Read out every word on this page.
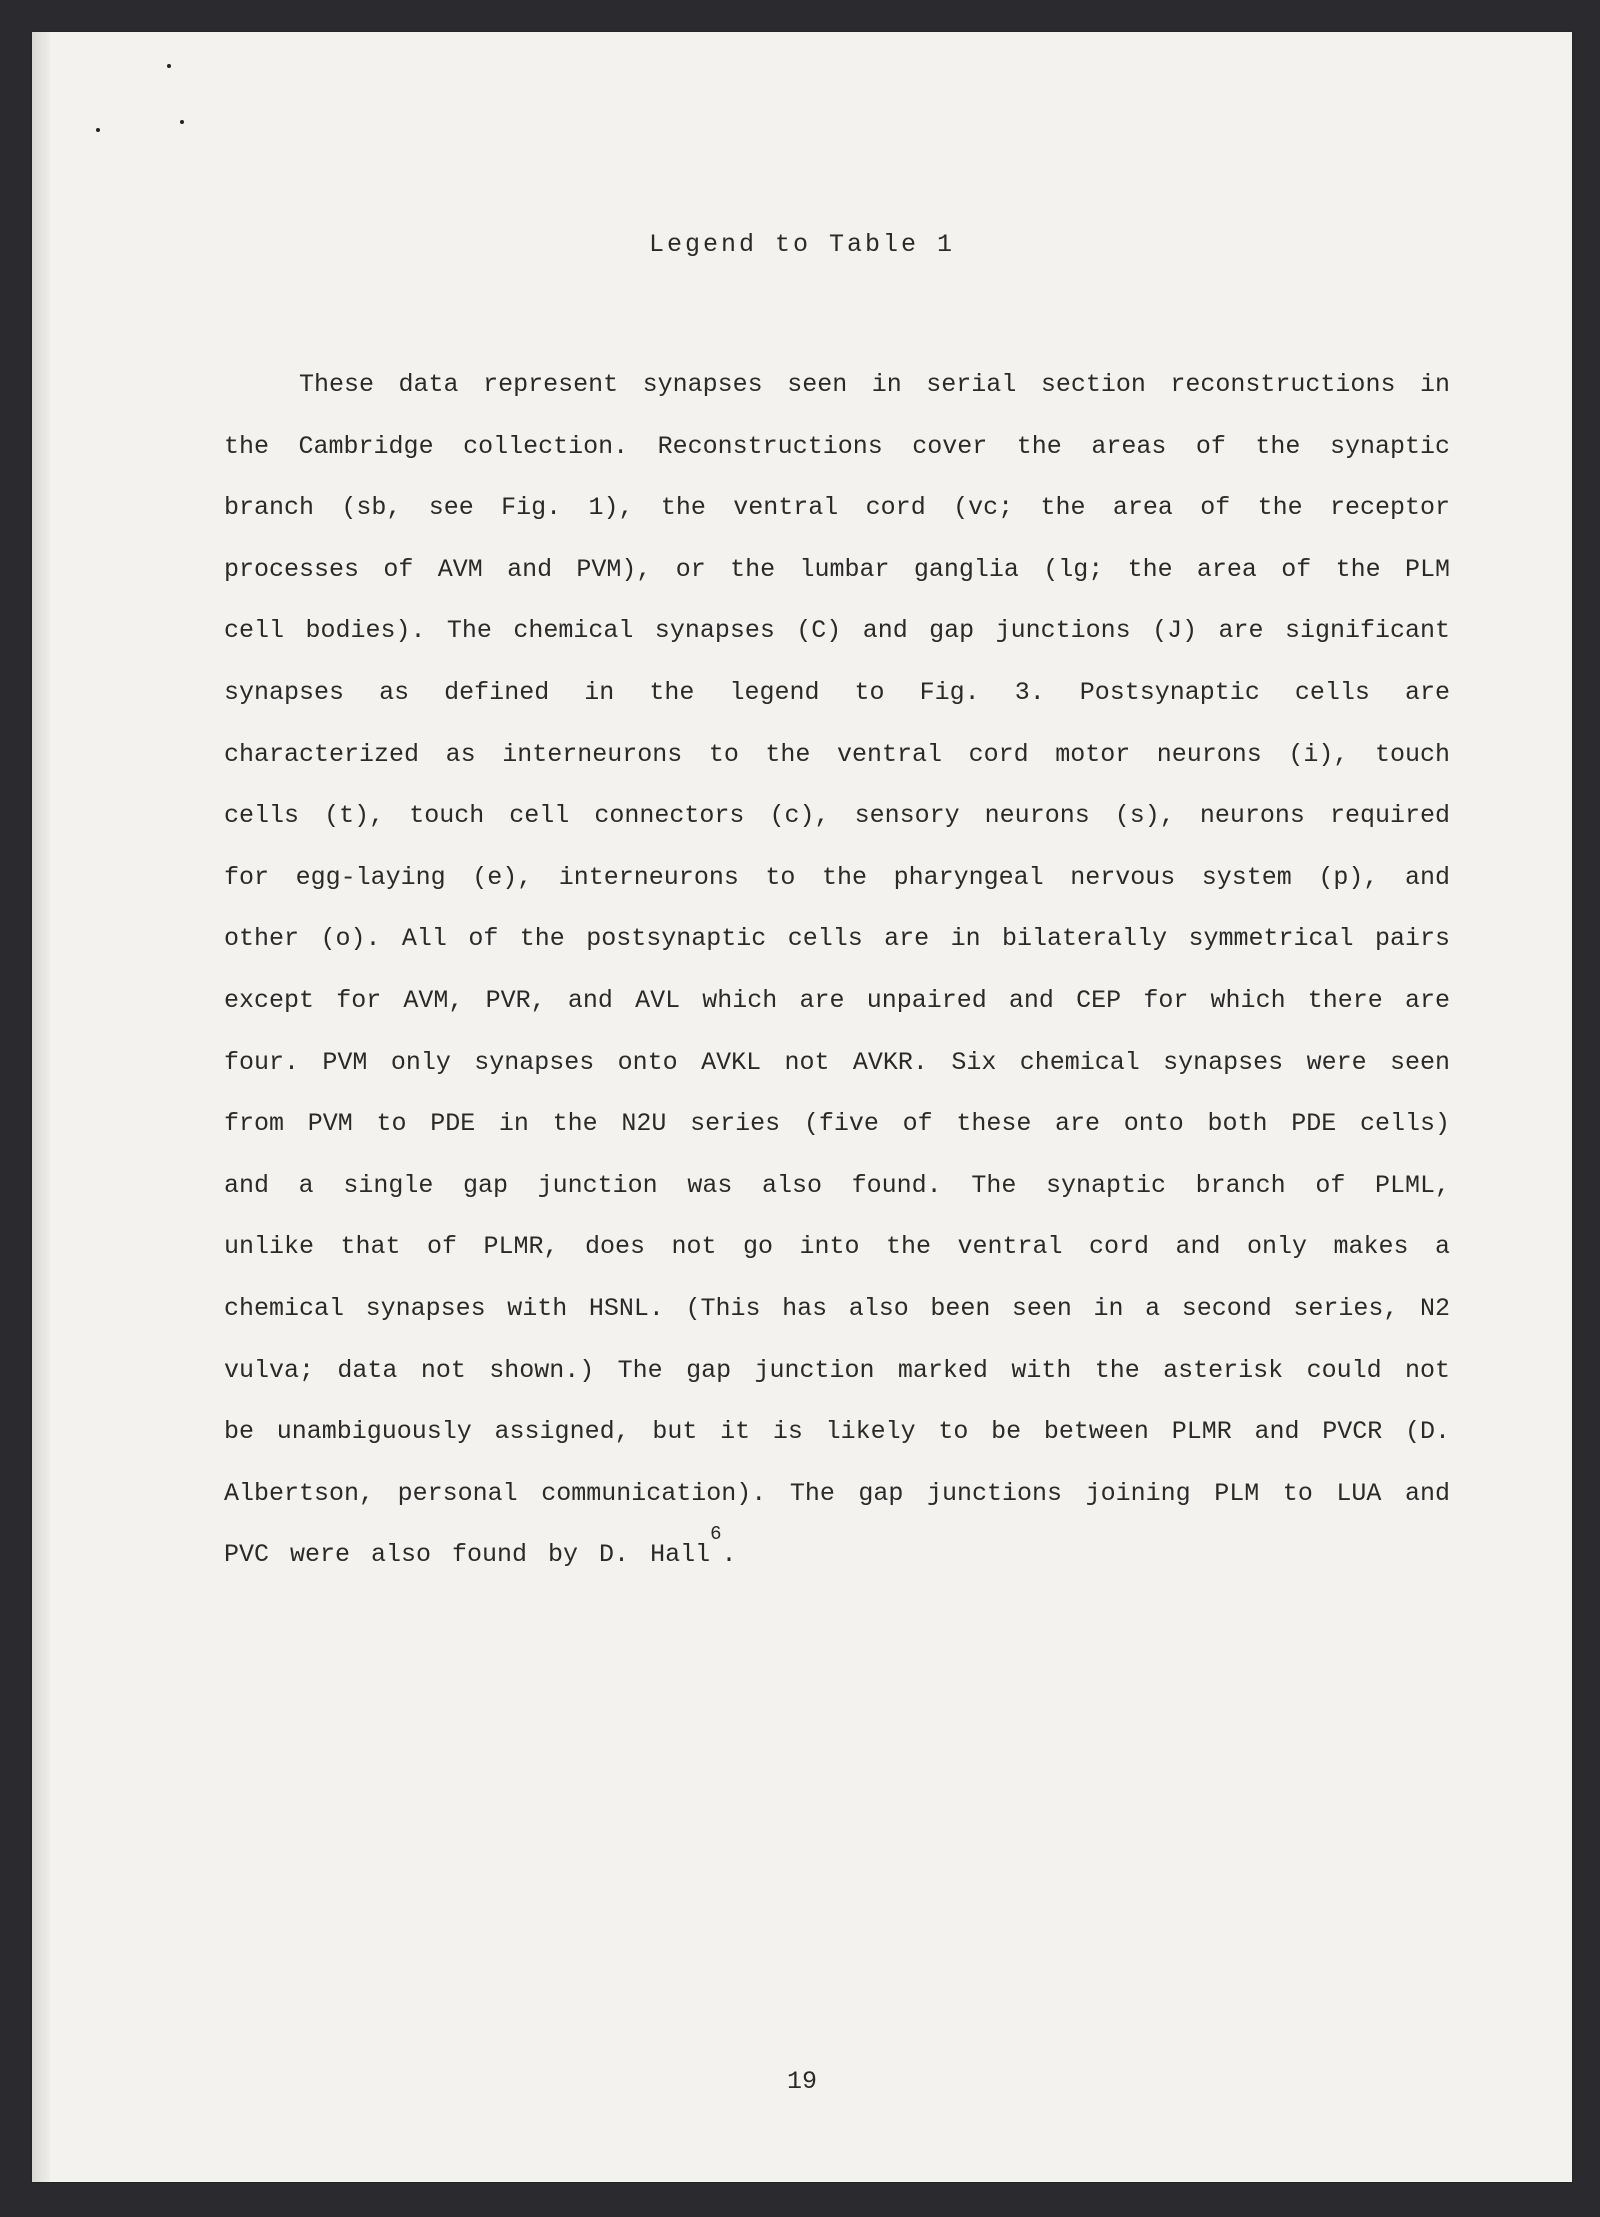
Legend to Table 1

These data represent synapses seen in serial section reconstructions in the Cambridge collection. Reconstructions cover the areas of the synaptic branch (sb, see Fig. 1), the ventral cord (vc; the area of the receptor processes of AVM and PVM), or the lumbar ganglia (lg; the area of the PLM cell bodies). The chemical synapses (C) and gap junctions (J) are significant synapses as defined in the legend to Fig. 3. Postsynaptic cells are characterized as interneurons to the ventral cord motor neurons (i), touch cells (t), touch cell connectors (c), sensory neurons (s), neurons required for egg-laying (e), interneurons to the pharyngeal nervous system (p), and other (o). All of the postsynaptic cells are in bilaterally symmetrical pairs except for AVM, PVR, and AVL which are unpaired and CEP for which there are four. PVM only synapses onto AVKL not AVKR. Six chemical synapses were seen from PVM to PDE in the N2U series (five of these are onto both PDE cells) and a single gap junction was also found. The synaptic branch of PLML, unlike that of PLMR, does not go into the ventral cord and only makes a chemical synapses with HSNL. (This has also been seen in a second series, N2 vulva; data not shown.) The gap junction marked with the asterisk could not be unambiguously assigned, but it is likely to be between PLMR and PVCR (D. Albertson, personal communication). The gap junctions joining PLM to LUA and PVC were also found by D. Hall$^6$.

19
